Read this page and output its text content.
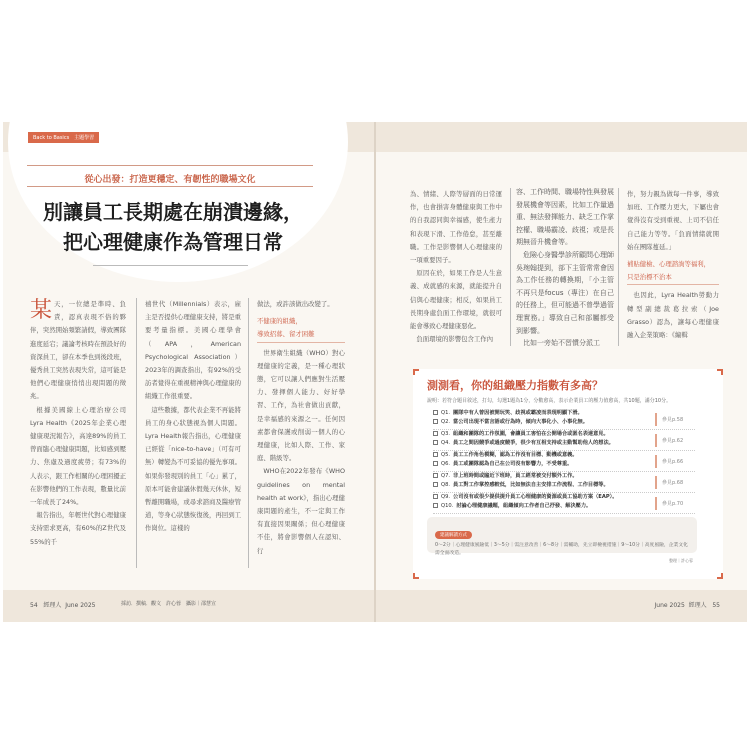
Back to Basics　主題學習
從心出發：打造更穩定、有韌性的職場文化
別讓員工長期處在崩潰邊緣，
把心理健康作為管理日常
某 天，一位總是準時、負責，認真表現不俗的夥伴，突然開始頻繁請假，導致團隊進度延宕；議論考核時在預設好的資深員工，卻在本季也到後段班，優秀員工突然表現失常，這可能是他們心理健康悄悄出現問題的徵兆。

根據美國線上心理治療公司Lyra Health《2025年企業心理健康現況報告》，高達89%的員工曾面臨心理健康問題，比如感到壓力、焦慮及過度疲勞；有73%的人表示，跟工作相關的心理困擾正在影響他們的工作表現，數量比前一年成長了24%。

報告指出，年輕世代對心理健康支持需求更高，有60%的Z世代及55%的千

禧世代（Millennials）表示，雇主是否提供心理健康支持，將是重要考量指標。美國心理學會（APA，American Psychological Association）2023年的調查指出，有92%的受訪者覺得在重視精神與心理健康的組織工作很重要。

這些數據，都代表企業不再能將員工的身心狀態視為個人問題。Lyra Health報告指出，心理健康已經從「nice-to-have」（可有可無）轉變為不可妥協的優先事項。如果你發現別的員工「心」累了，原本可能會建議休假幾天休休，短暫離開職場，或尋求諮商及醫療管道，等身心狀態恢復後，再回到工作崗位。這樣的

做法，或許該做出改變了。
不健康的組織，
導致招募、留才困難

世界衛生組織（WHO）對心理健康的定義，是一種心理狀態，它可以讓人們應對生活壓力、發揮個人能力、好好學習、工作，為社會做出貢獻，是幸福感的來源之一。任何因素都會保護或削弱一個人的心理健康，比如人際、工作、家庭、階級等。

WHO在2022年發布《WHO guidelines on mental health at work》，指出心理健康問題的產生，不一定與工作有直接因果關係；但心理健康不佳，將會影響個人在認知、行

54 經理人 June 2025	採訪．撰稿．觀文　許心蓉　攝影｜邵慧宣
為、情緒、人際等層面的日常運作，也會損害身體健康與工作中的自我認同與幸福感，使生產力和表現下滑、工作倦怠，甚至離職。工作是影響個人心理健康的一項重要因子。

原因在於，如果工作是人生意義、成就感的來源，就能提升自信與心理健康；相反，如果員工長期身處負面工作環境，就很可能會導致心理健康惡化。

負面環境的影響包含工作內

容、工作時間、職場特性與發展發展機會等因素，比如工作量過重、無法發揮能力、缺乏工作掌控權、職場霸凌、歧視；或是長期無晉升機會等。

危險心身醫學診所顧問心理師吳琬翰提到，部下主管常常會因為工作任務的轉換期，「小主管不再只是focus（專注）在自己的任務上，但可能過不曾學過管理實務。」導致自己和部屬都受到影響。

比如一旁始不習慣分派工

作，努力親為做每一件事，導致加班、工作壓力更大，下屬也會覺得沒有受到重視、上司不信任自己能力等等。「負面情緒就開始在團隊蔓延。」
補貼健檢、心理諮詢等福利，
只是治標不治本

也因此，Lyra Health勞動力轉型副總裁葛拉索（Joe Grasso）認為，讓每心理健康融入企業策略：《編輯

測測看，你的組織壓力指數有多高？
說明：若符合題目敘述，打勾，勾選1題為1分，分數愈高，表示企業員工的壓力值愈高，共10題，滿分10分。
Q1. 團隊中有人曾因被開玩笑、歧視或霸凌而表現明顯下滑。
Q2. 當公司出現不當言語或行為時，傾向大事化小、小事化無。	參見p.58
Q3. 組織和團隊的工作氛圍，會讓員工害怕在公開場合或匿名表達意見。
Q4. 員工之間因競爭或過度競爭，很少有互相支持或主動幫助他人的想法。	參見p.62
Q5. 員工工作角色模糊，認為工作沒有目標、動機或意義。
Q6. 員工或團隊認為自己在公司沒有影響力，不受尊重。	參見p.66
Q7. 非上班時間或臨近下班時，員工經常被交付額外工作。
Q8. 員工對工作掌控感較低，比如無法自主安排工作流程、工作目標等。	參見p.68
Q9. 公司沒有或很少提供提升員工心理健康的資源或員工協助方案（EAP）。
Q10. 討論心理健康議題，組織傾向工作者自己抒發、解決壓力。	參見p.70
建議解讀方式
0～2分｜心理健康風險低｜3～5分｜需注意改善｜6～8分｜需輔助，先立即檢視措施｜9～10分｜高度風險，企業文化需全面改造。
整理｜許心蓉
June 2025 經理人 55
